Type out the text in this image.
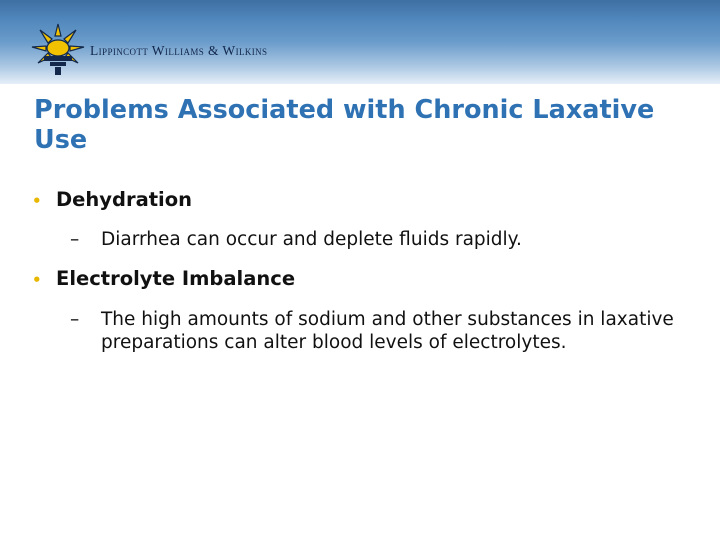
Lippincott Williams & Wilkins
Problems Associated with Chronic Laxative Use
• Dehydration
– Diarrhea can occur and deplete fluids rapidly.
• Electrolyte Imbalance
– The high amounts of sodium and other substances in laxative preparations can alter blood levels of electrolytes.
